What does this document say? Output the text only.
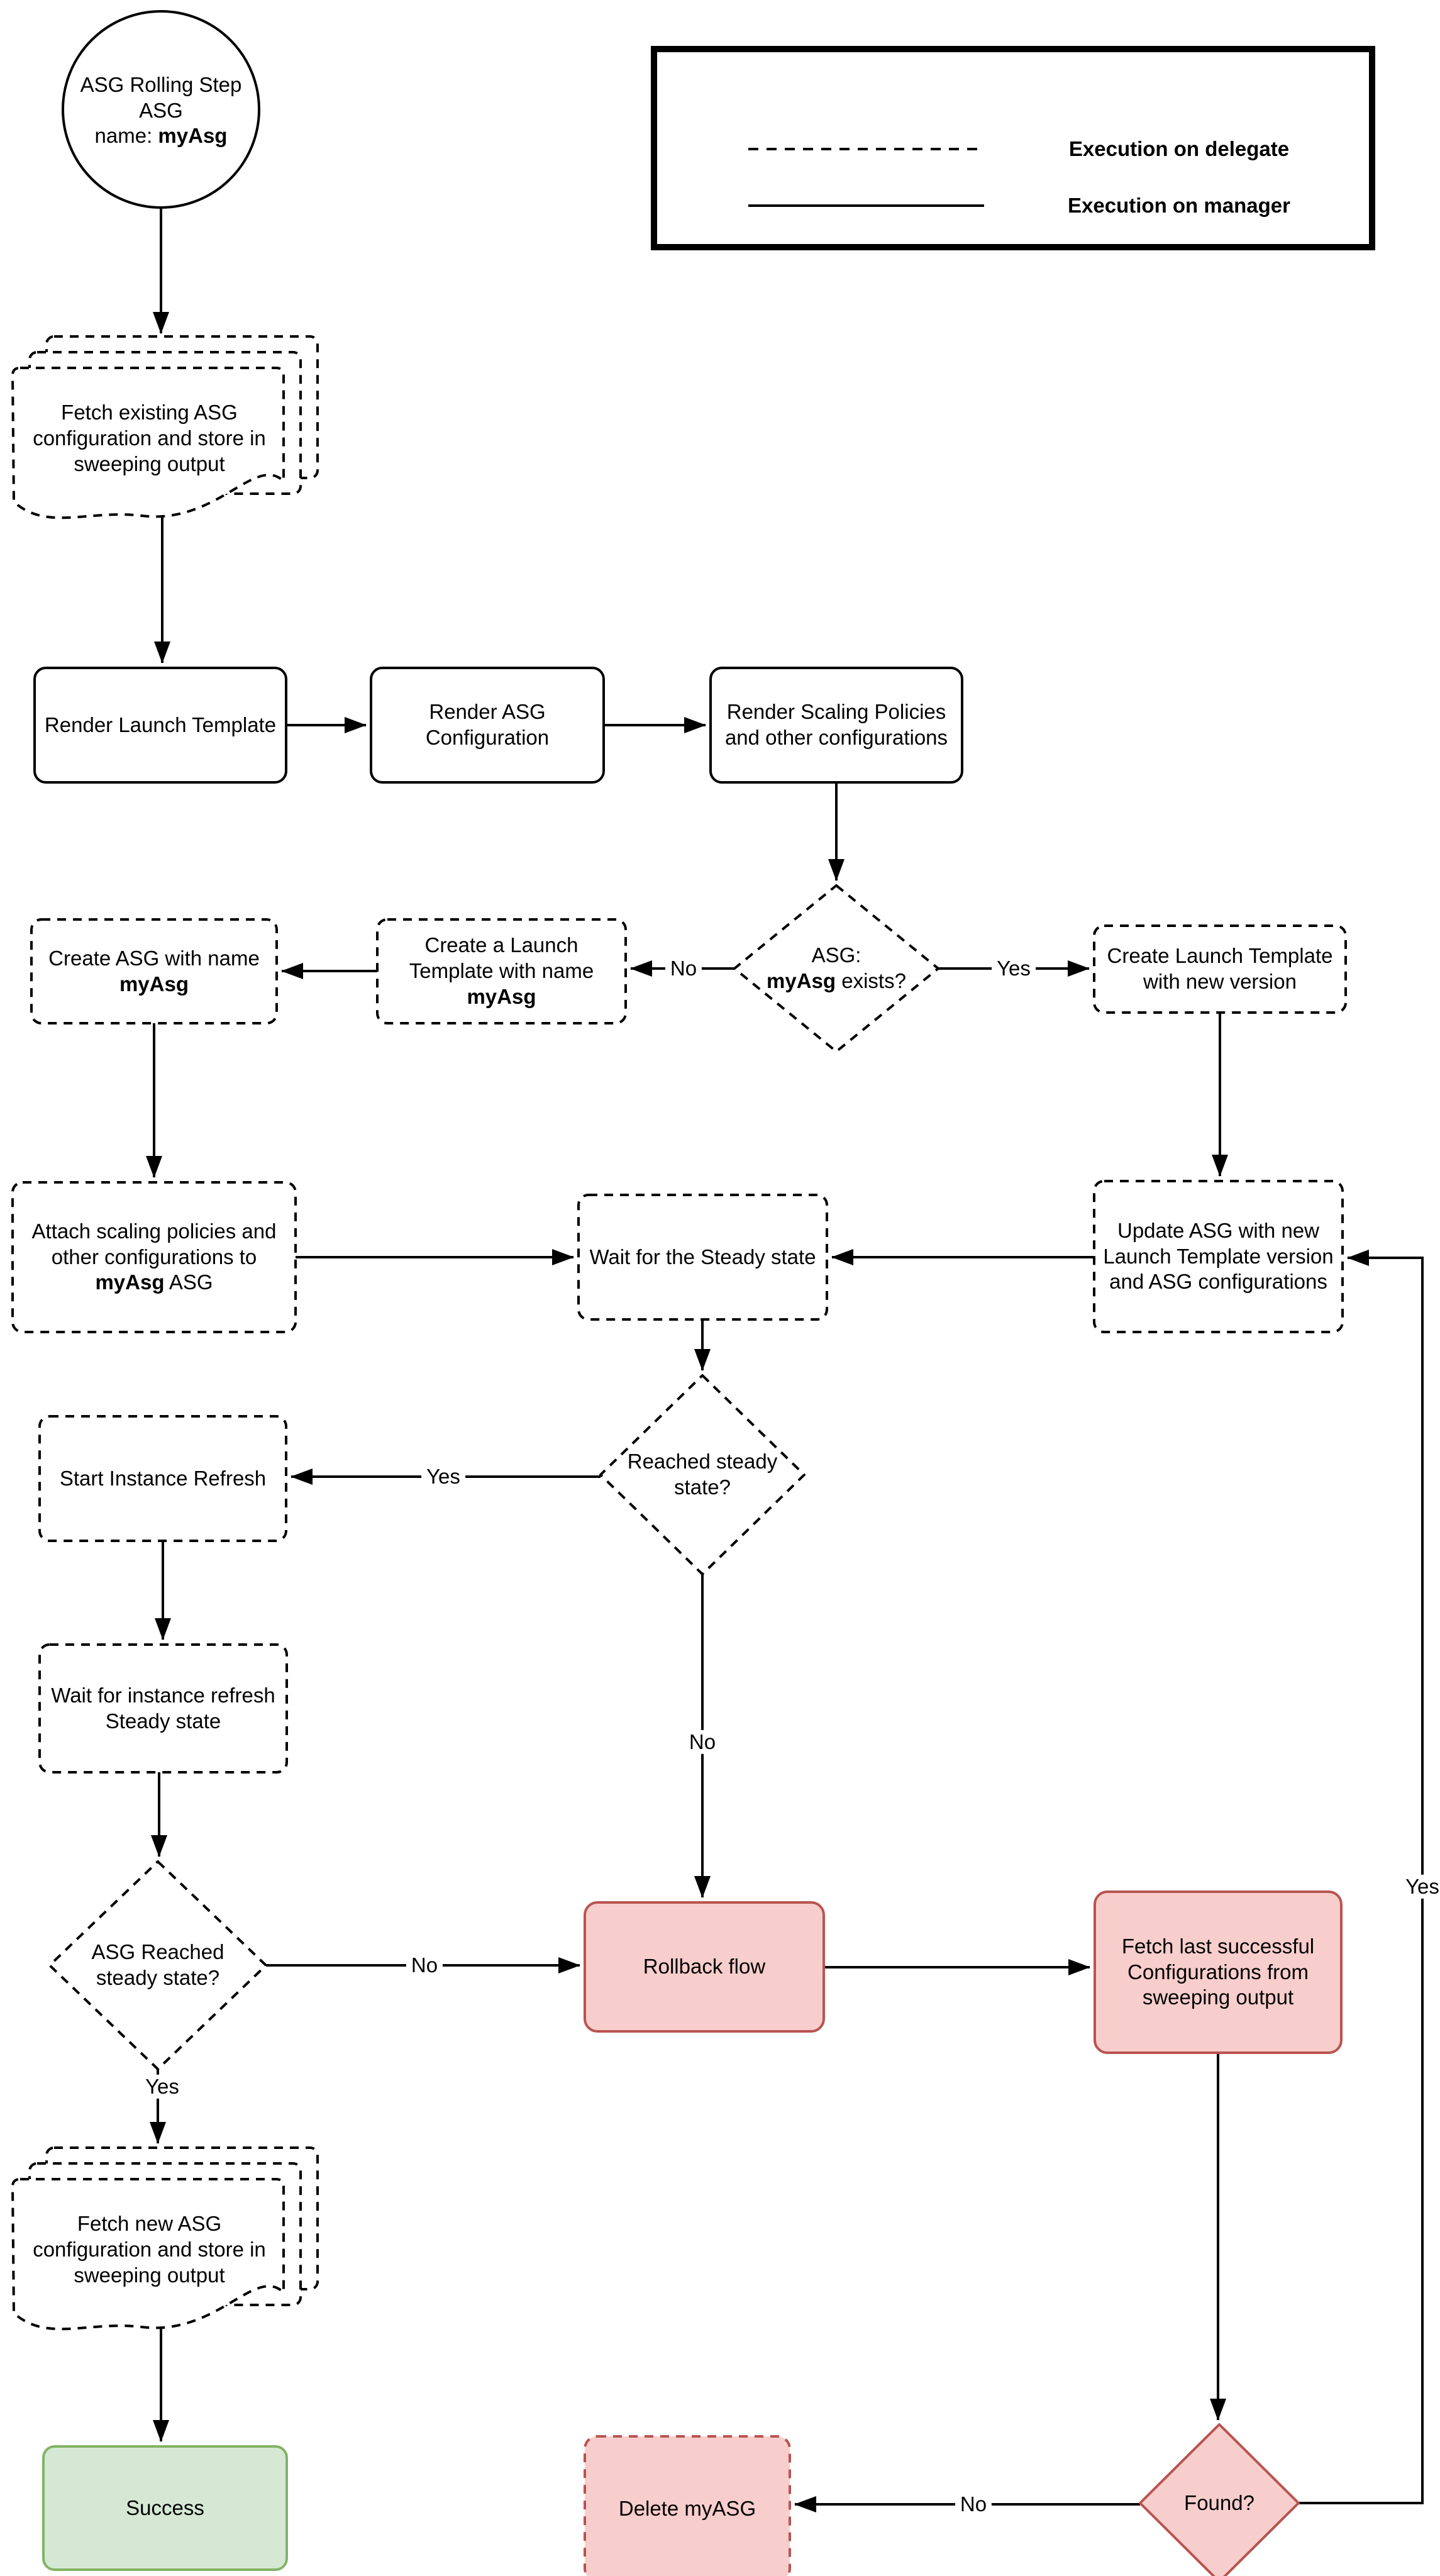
Execution on delegate
Execution on manager
ASG Rolling Step
ASG
name: myAsg
Fetch existing ASG configuration and store in sweeping output
Render Launch Template
Render ASG Configuration
Render Scaling Policies and other configurations
ASG:
myAsg exists?
Create Launch Template with new version
Create a Launch Template with name myAsg
Create ASG with name myAsg
Attach scaling policies and other configurations to myAsg ASG
Wait for the Steady state
Update ASG with new Launch Template version and ASG configurations
Reached steady state?
Start Instance Refresh
Wait for instance refresh Steady state
ASG Reached steady state?	Rollback flow
Fetch last successful Configurations from sweeping output
Fetch new ASG configuration and store in sweeping output
Success	Delete myASG	Found?
No	Yes
Yes
No
No
Yes
No
Yes
